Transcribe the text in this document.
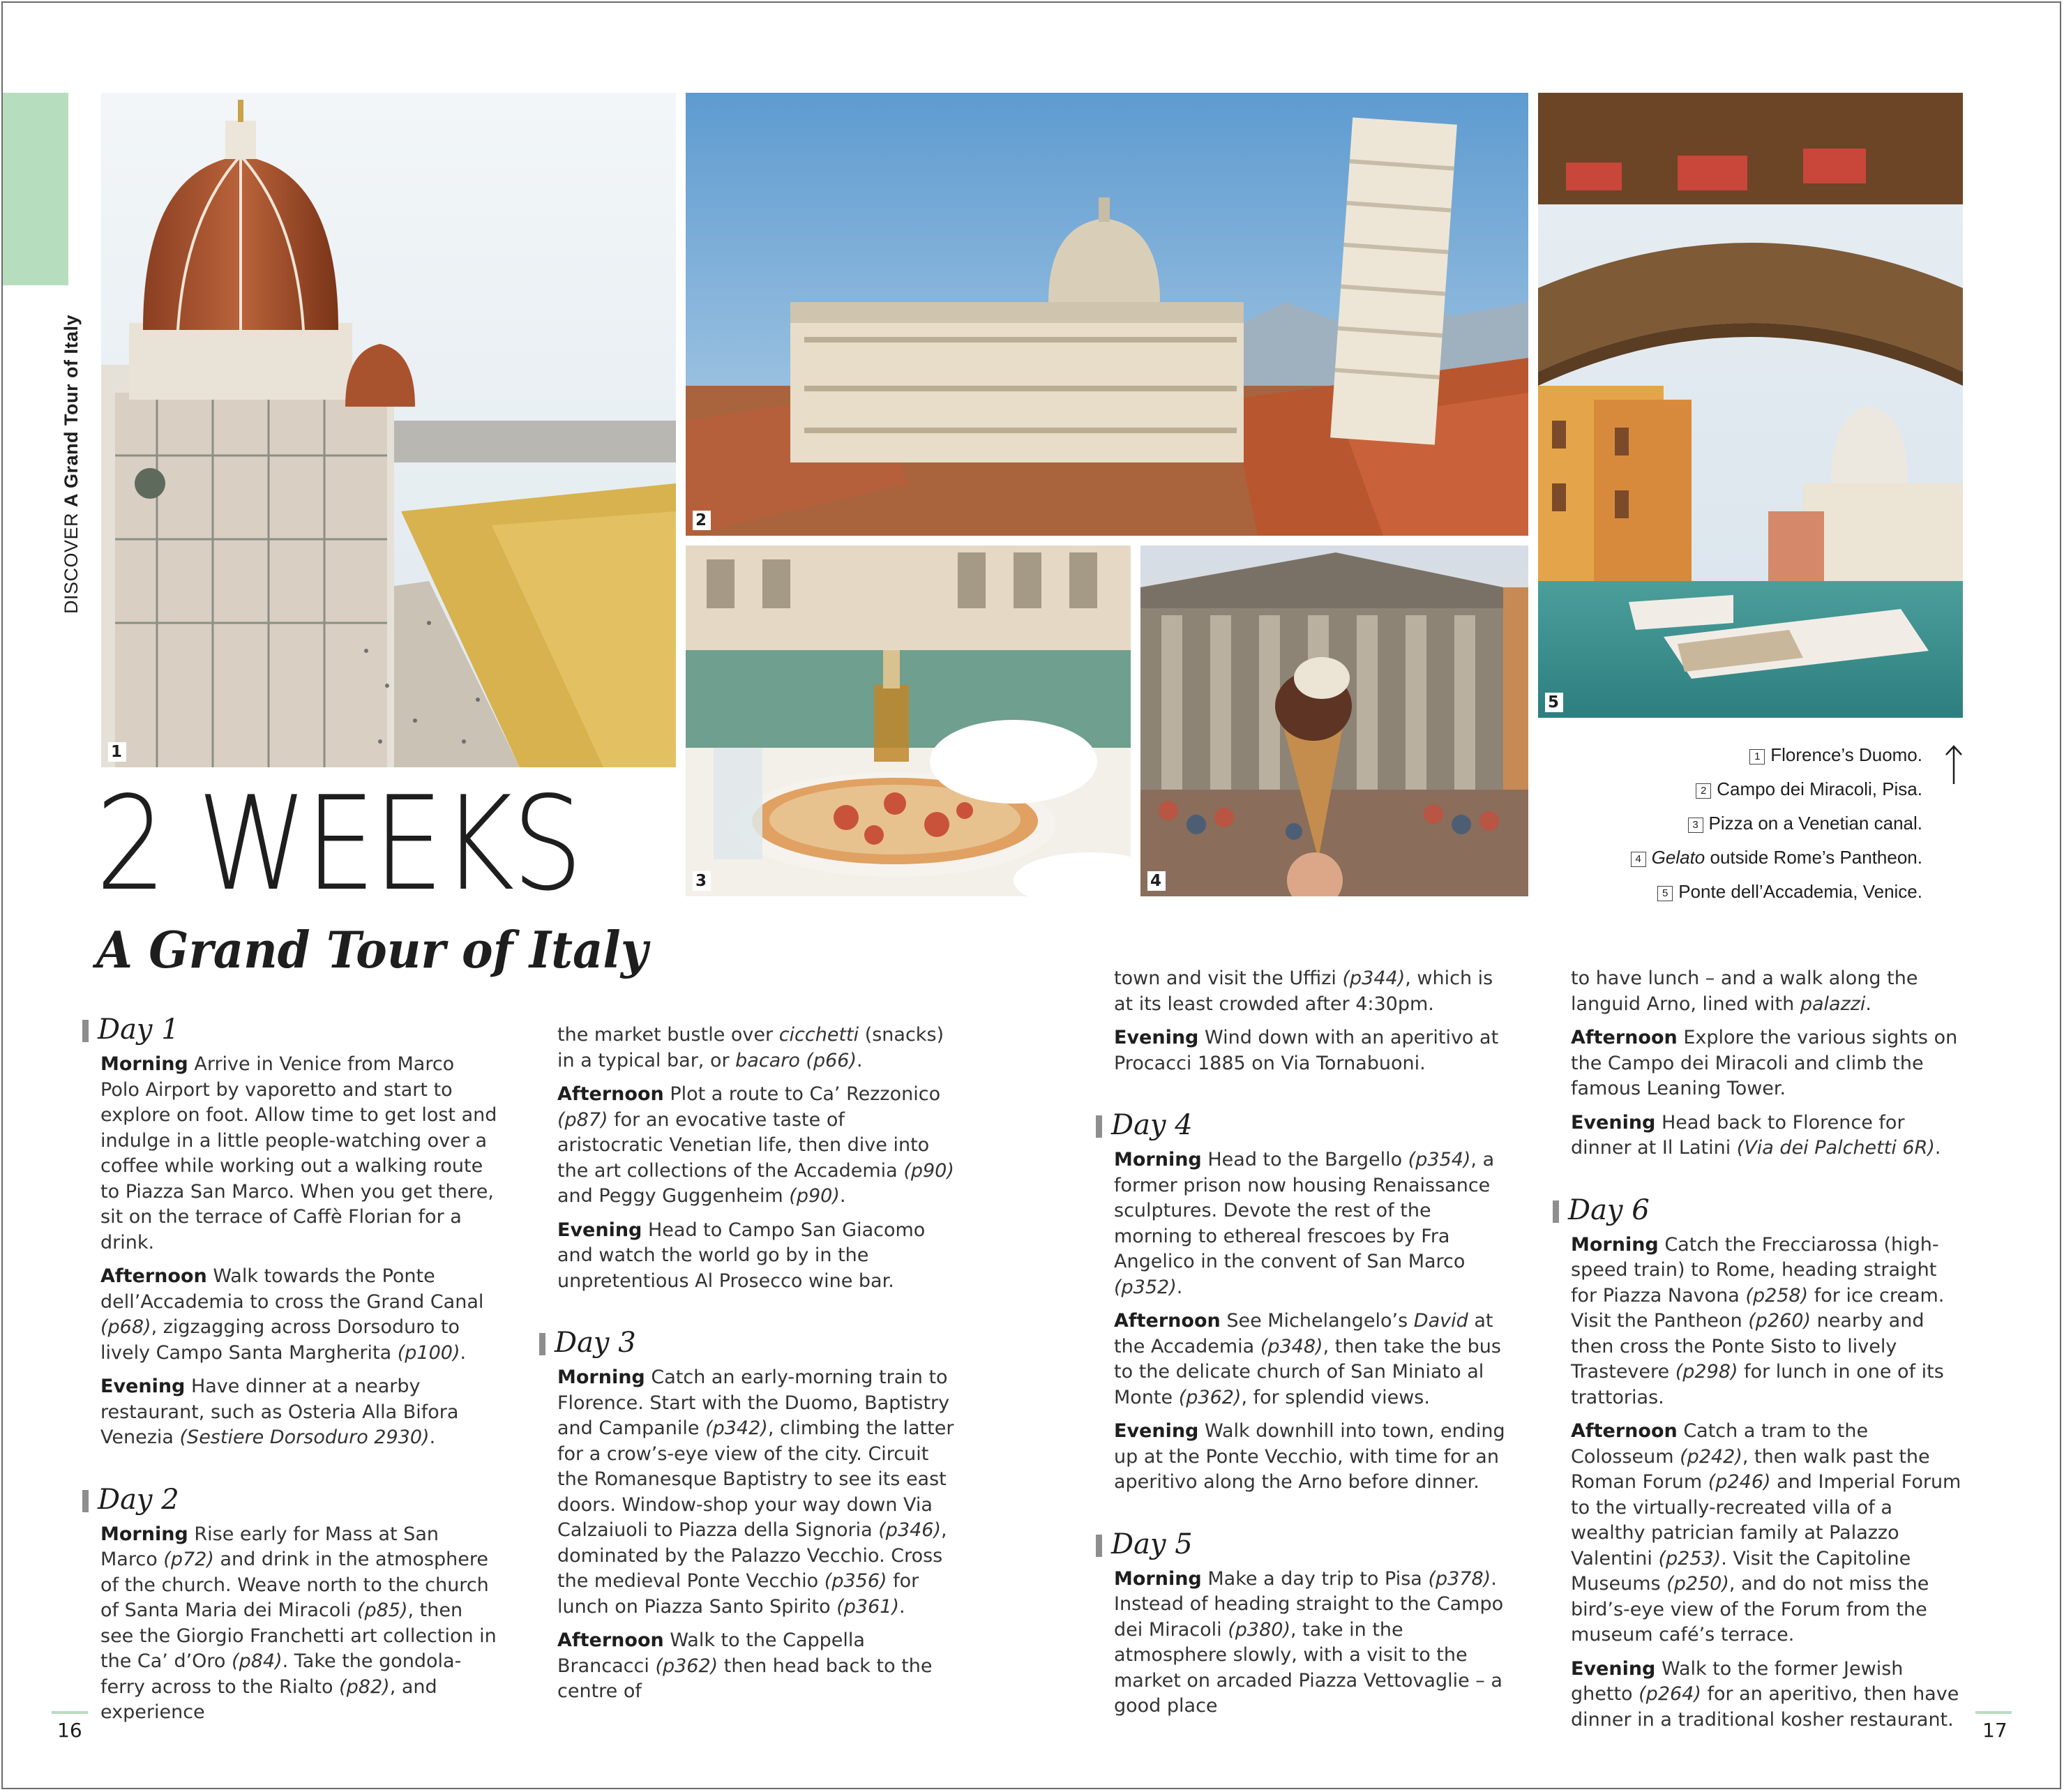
DISCOVERA Grand Tour of Italy
1
2
3	4
5
1 Florence’s Duomo.
2 Campo dei Miracoli, Pisa.
3 Pizza on a Venetian canal.
4 Gelato outside Rome’s Pantheon.
5 Ponte dell’Accademia, Venice.
2 WEEKS
A Grand Tour of Italy
Day 1

Morning Arrive in Venice from Marco Polo Airport by vaporetto and start to explore on foot. Allow time to get lost and indulge in a little people-watching over a coffee while working out a walking route to Piazza San Marco. When you get there, sit on the terrace of Caffè Florian for a drink.

Afternoon Walk towards the Ponte dell’Accademia to cross the Grand Canal (p68), zigzagging across Dorsoduro to lively Campo Santa Margherita (p100).

Evening Have dinner at a nearby restaurant, such as Osteria Alla Bifora Venezia (Sestiere Dorsoduro 2930).

Day 2

Morning Rise early for Mass at San Marco (p72) and drink in the atmosphere of the church. Weave north to the church of Santa Maria dei Miracoli (p85), then see the Giorgio Franchetti art collection in the Ca’ d’Oro (p84). Take the gondola-ferry across to the Rialto (p82), and experience

the market bustle over cicchetti (snacks) in a typical bar, or bacaro (p66).

Afternoon Plot a route to Ca’ Rezzonico (p87) for an evocative taste of aristocratic Venetian life, then dive into the art collections of the Accademia (p90) and Peggy Guggenheim (p90).

Evening Head to Campo San Giacomo and watch the world go by in the unpretentious Al Prosecco wine bar.

Day 3

Morning Catch an early-morning train to Florence. Start with the Duomo, Baptistry and Campanile (p342), climbing the latter for a crow’s-eye view of the city. Circuit the Romanesque Baptistry to see its east doors. Window-shop your way down Via Calzaiuoli to Piazza della Signoria (p346), dominated by the Palazzo Vecchio. Cross the medieval Ponte Vecchio (p356) for lunch on Piazza Santo Spirito (p361).

Afternoon Walk to the Cappella Brancacci (p362) then head back to the centre of

town and visit the Uffizi (p344), which is at its least crowded after 4:30pm.

Evening Wind down with an aperitivo at Procacci 1885 on Via Tornabuoni.

Day 4

Morning Head to the Bargello (p354), a former prison now housing Renaissance sculptures. Devote the rest of the morning to ethereal frescoes by Fra Angelico in the convent of San Marco (p352).

Afternoon See Michelangelo’s David at the Accademia (p348), then take the bus to the delicate church of San Miniato al Monte (p362), for splendid views.

Evening Walk downhill into town, ending up at the Ponte Vecchio, with time for an aperitivo along the Arno before dinner.

Day 5

Morning Make a day trip to Pisa (p378). Instead of heading straight to the Campo dei Miracoli (p380), take in the atmosphere slowly, with a visit to the market on arcaded Piazza Vettovaglie – a good place

to have lunch – and a walk along the languid Arno, lined with palazzi.

Afternoon Explore the various sights on the Campo dei Miracoli and climb the famous Leaning Tower.

Evening Head back to Florence for dinner at Il Latini (Via dei Palchetti 6R).

Day 6

Morning Catch the Frecciarossa (high-speed train) to Rome, heading straight for Piazza Navona (p258) for ice cream. Visit the Pantheon (p260) nearby and then cross the Ponte Sisto to lively Trastevere (p298) for lunch in one of its trattorias.

Afternoon Catch a tram to the Colosseum (p242), then walk past the Roman Forum (p246) and Imperial Forum to the virtually-recreated villa of a wealthy patrician family at Palazzo Valentini (p253). Visit the Capitoline Museums (p250), and do not miss the bird’s-eye view of the Forum from the museum café’s terrace.

Evening Walk to the former Jewish ghetto (p264) for an aperitivo, then have dinner in a traditional kosher restaurant.

16	17
